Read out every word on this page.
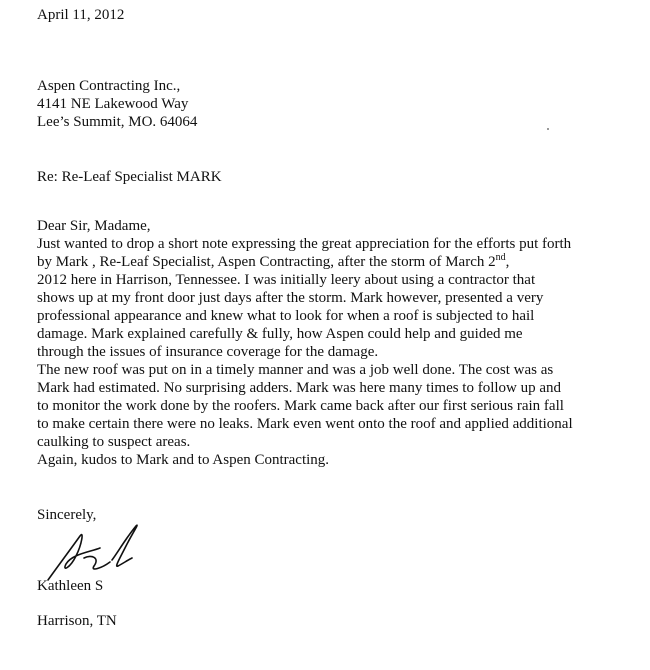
April 11, 2012
Aspen Contracting Inc.,
4141 NE Lakewood Way
Lee’s Summit, MO. 64064
Re: Re-Leaf Specialist MARK
Dear Sir, Madame,
Just wanted to drop a short note expressing the great appreciation for the efforts put forth
by Mark , Re-Leaf Specialist, Aspen Contracting, after the storm of March 2nd,
2012 here in Harrison, Tennessee. I was initially leery about using a contractor that
shows up at my front door just days after the storm. Mark however, presented a very
professional appearance and knew what to look for when a roof is subjected to hail
damage. Mark explained carefully & fully, how Aspen could help and guided me
through the issues of insurance coverage for the damage.
The new roof was put on in a timely manner and was a job well done. The cost was as
Mark had estimated. No surprising adders. Mark was here many times to follow up and
to monitor the work done by the roofers. Mark came back after our first serious rain fall
to make certain there were no leaks. Mark even went onto the roof and applied additional
caulking to suspect areas.
Again, kudos to Mark and to Aspen Contracting.
Sincerely,
Kathleen S
Harrison, TN
